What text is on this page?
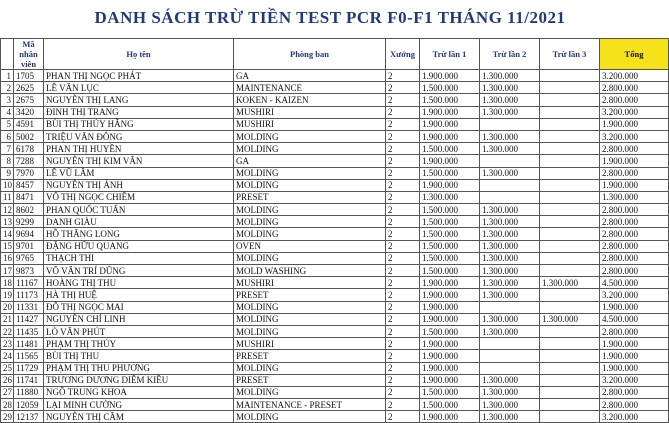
DANH SÁCH TRỪ TIỀN TEST PCR F0-F1 THÁNG 11/2021
	Mã nhân viên	Họ tên	Phòng ban	Xưởng	Trừ lần 1	Trừ lần 2	Trừ lần 3	Tổng
1	1705	PHAN THỊ NGỌC PHÁT	GA	2	1.900.000	1.300.000		3.200.000
2	2625	LÊ VĂN LỤC	MAINTENANCE	2	1.500.000	1.300.000		2.800.000
3	2675	NGUYỄN THỊ LANG	KOKEN - KAIZEN	2	1.500.000	1.300.000		2.800.000
4	3420	ĐINH THỊ TRANG	MUSHIRI	2	1.900.000	1.300.000		3.200.000
5	4591	BÙI THỊ THÚY HẰNG	MUSHIRI	2	1.900.000			1.900.000
6	5002	TRIỆU VĂN ĐÔNG	MOLDING	2	1.900.000	1.300.000		3.200.000
7	6178	PHAN THỊ HUYỀN	MOLDING	2	1.500.000	1.300.000		2.800.000
8	7288	NGUYỄN THỊ KIM VÂN	GA	2	1.900.000			1.900.000
9	7970	LÊ VŨ LÂM	MOLDING	2	1.500.000	1.300.000		2.800.000
10	8457	NGUYỄN THỊ ÁNH	MOLDING	2	1.900.000			1.900.000
11	8471	VÕ THỊ NGỌC CHIÊM	PRESET	2	1.300.000			1.300.000
12	8602	PHAN QUỐC TUẤN	MOLDING	2	1.500.000	1.300.000		2.800.000
13	9299	DANH GIÀU	MOLDING	2	1.500.000	1.300.000		2.800.000
14	9694	HỒ THĂNG LONG	MOLDING	2	1.500.000	1.300.000		2.800.000
15	9701	ĐẶNG HỮU QUANG	OVEN	2	1.500.000	1.300.000		2.800.000
16	9765	THẠCH THI	MOLDING	2	1.500.000	1.300.000		2.800.000
17	9873	VÕ VĂN TRÍ DŨNG	MOLD WASHING	2	1.500.000	1.300.000		2.800.000
18	11167	HOÀNG THỊ THU	MUSHIRI	2	1.900.000	1.300.000	1.300.000	4.500.000
19	11173	HÀ THỊ HUỆ	PRESET	2	1.900.000	1.300.000		3.200.000
20	11331	ĐỖ THỊ NGỌC MAI	MOLDING	2	1.900.000			1.900.000
21	11427	NGUYỄN CHÍ LINH	MOLDING	2	1.900.000	1.300.000	1.300.000	4.500.000
22	11435	LÒ VĂN PHÚT	MOLDING	2	1.500.000	1.300.000		2.800.000
23	11481	PHẠM THỊ THÚY	MUSHIRI	2	1.900.000			1.900.000
24	11565	BÙI THỊ THU	PRESET	2	1.900.000			1.900.000
25	11729	PHẠM THỊ THU PHƯƠNG	MOLDING	2	1.900.000			1.900.000
26	11741	TRƯƠNG DƯƠNG DIỄM KIỀU	PRESET	2	1.900.000	1.300.000		3.200.000
27	11880	NGÔ TRUNG KHOA	MOLDING	2	1.500.000	1.300.000		2.800.000
28	12059	LẠI MINH CƯỜNG	MAINTENANCE - PRESET	2	1.500.000	1.300.000		2.800.000
29	12137	NGUYỄN THỊ CẦM	MOLDING	2	1.900.000	1.300.000		3.200.000
